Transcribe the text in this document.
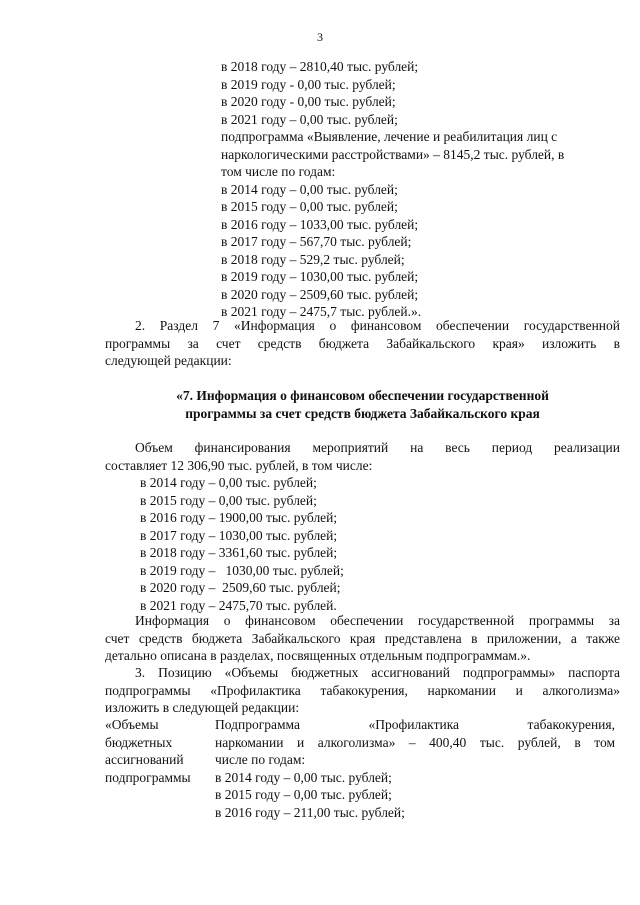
3
в 2018 году – 2810,40 тыс. рублей;
в 2019 году - 0,00 тыс. рублей;
в 2020 году - 0,00 тыс. рублей;
в 2021 году – 0,00 тыс. рублей;
подпрограмма «Выявление, лечение и реабилитация лиц с
наркологическими расстройствами» – 8145,2 тыс. рублей, в
том числе по годам:
в 2014 году – 0,00 тыс. рублей;
в 2015 году – 0,00 тыс. рублей;
в 2016 году – 1033,00 тыс. рублей;
в 2017 году – 567,70 тыс. рублей;
в 2018 году – 529,2 тыс. рублей;
в 2019 году – 1030,00 тыс. рублей;
в 2020 году – 2509,60 тыс. рублей;
в 2021 году – 2475,7 тыс. рублей.».
2. Раздел 7 «Информация о финансовом обеспечении государственной
программы за счет средств бюджета Забайкальского края» изложить в
следующей редакции:
«7. Информация о финансовом обеспечении государственной
программы за счет средств бюджета Забайкальского края
Объем финансирования мероприятий на весь период реализации
составляет 12 306,90 тыс. рублей, в том числе:
в 2014 году – 0,00 тыс. рублей;
в 2015 году – 0,00 тыс. рублей;
в 2016 году – 1900,00 тыс. рублей;
в 2017 году – 1030,00 тыс. рублей;
в 2018 году – 3361,60 тыс. рублей;
в 2019 году –   1030,00 тыс. рублей;
в 2020 году –  2509,60 тыс. рублей;
в 2021 году – 2475,70 тыс. рублей.
Информация о финансовом обеспечении государственной программы за
счет средств бюджета Забайкальского края представлена в приложении, а также
детально описана в разделах, посвященных отдельным подпрограммам.».
3. Позицию «Объемы бюджетных ассигнований подпрограммы» паспорта
подпрограммы «Профилактика табакокурения, наркомании и алкоголизма»
изложить в следующей редакции:
«Объемы
бюджетных
ассигнований
подпрограммы
Подпрограмма «Профилактика табакокурения,
наркомании и алкоголизма» – 400,40 тыс. рублей, в том
числе по годам:
в 2014 году – 0,00 тыс. рублей;
в 2015 году – 0,00 тыс. рублей;
в 2016 году – 211,00 тыс. рублей;
